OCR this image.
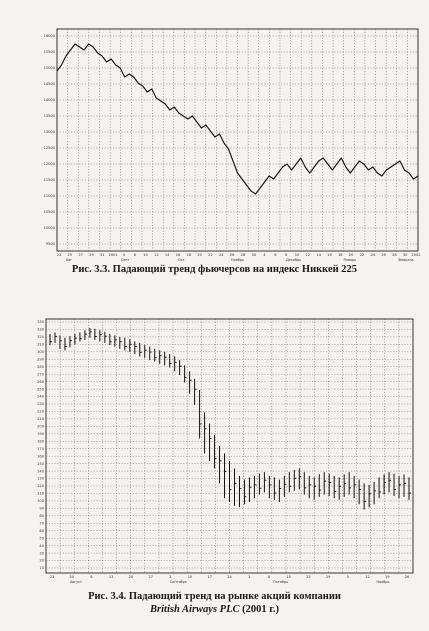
16000
15500
15000
14500
14000
13500
13000
12500
12000
11500
11000
10500
10000
9500
23 25 27 29 31 2001 4 8 10 12 14 16 18 20 22 24 26 28 30 4 6 8 10 12 14 16 18 20 22 24 26 28 30 2002
Авг	Сент	Окт	Ноябрь	Декабрь	Январь	Февраль
Рис. 3.3. Падающий тренд фьючерсов на индекс Никкей 225
335
330
320
310
300
290
280
270
260
250
240
230
220
210
200
190
180
170
160
150
140
130
120
110
100
90
80
70
60
50
40
30
20
10
23	30	6	13	20	27	3	10	17	24	1	8	15	22	29	5	12	19	26
Август	Сентябрь	Октябрь	Ноябрь
Рис. 3.4. Падающий тренд на рынке акций компании
British Airways PLC (2001 г.)
